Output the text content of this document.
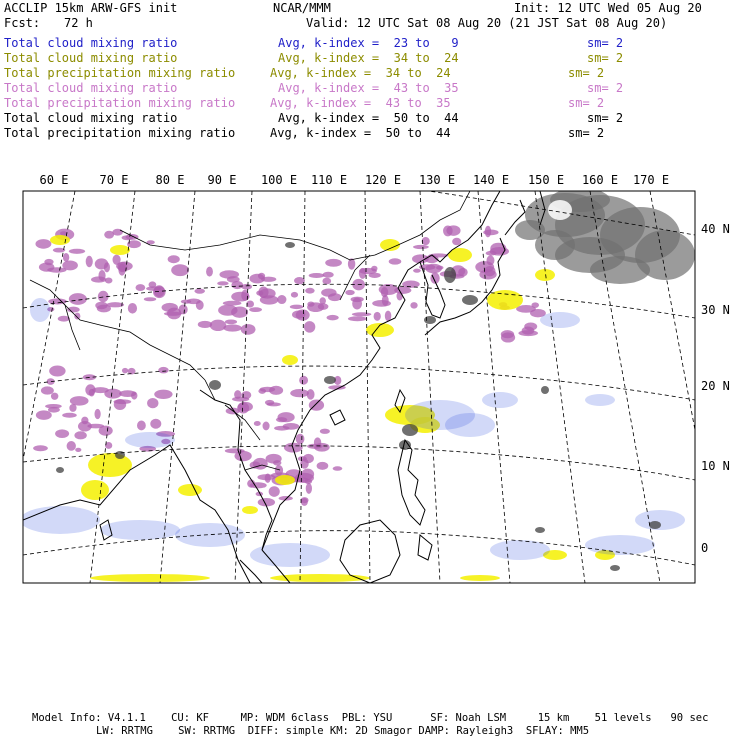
ACCLIP 15km ARW-GFS init	NCAR/MMM	Init: 12 UTC Wed 05 Aug 20
Fcst: 72 h	Valid: 12 UTC Sat 08 Aug 20 (21 JST Sat 08 Aug 20)
Total cloud mixing ratio	Avg, k-index =  23 to   9	sm= 2
Total cloud mixing ratio	Avg, k-index =  34 to  24	sm= 2
Total precipitation mixing ratio	Avg, k-index =  34 to  24	sm= 2
Total cloud mixing ratio	Avg, k-index =  43 to  35	sm= 2
Total precipitation mixing ratio	Avg, k-index =  43 to  35	sm= 2
Total cloud mixing ratio	Avg, k-index =  50 to  44	sm= 2
Total precipitation mixing ratio	Avg, k-index =  50 to  44	sm= 2
60 E	70 E 80 E 90 E 100 E 110 E 120 E 130 E 140 E 150 E 160 E 170 E
40 N
30 N
20 N
10 N
0
Model Info: V4.1.1    CU: KF     MP: WDM 6class  PBL: YSU      SF: Noah LSM     15 km    51 levels   90 sec
LW: RRTMG    SW: RRTMG  DIFF: simple KM: 2D Smagor DAMP: Rayleigh3  SFLAY: MM5
